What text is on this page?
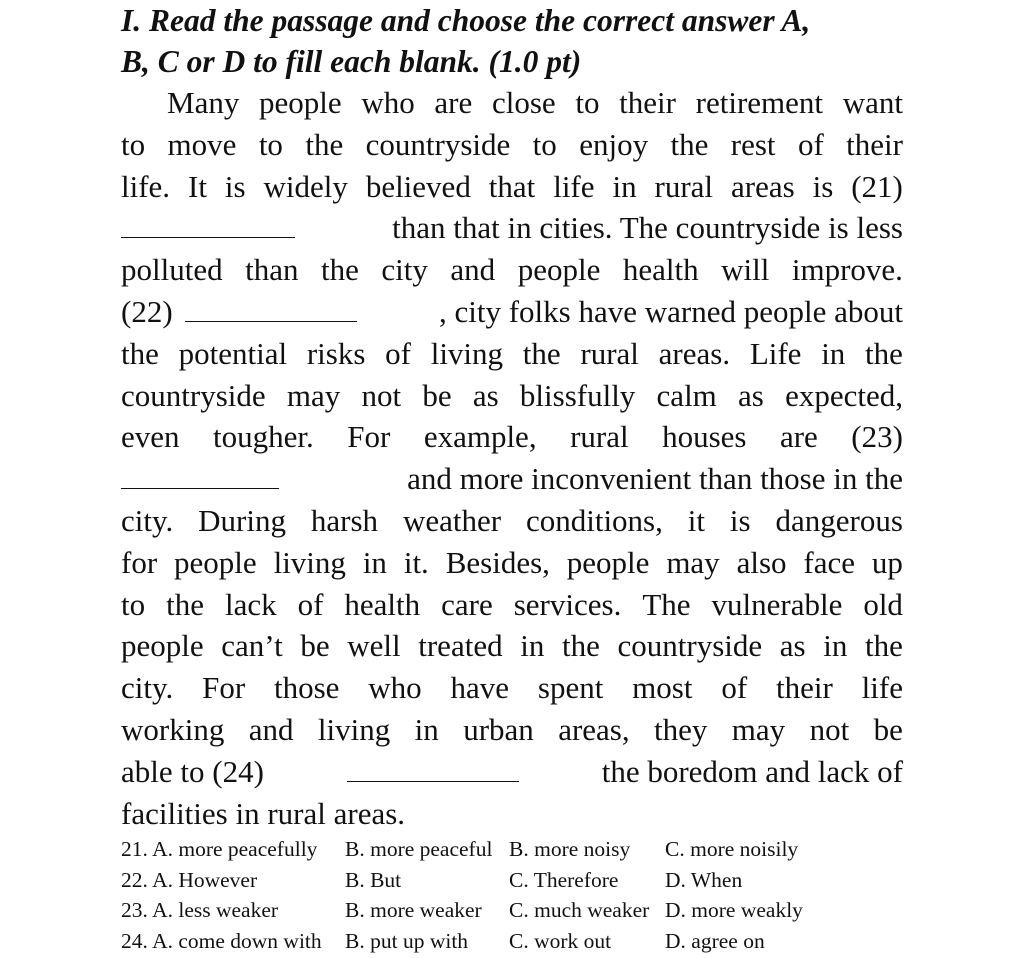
I. Read the passage and choose the correct answer A,
B, C or D to fill each blank. (1.0 pt)
Many people who are close to their retirement want
to move to the countryside to enjoy the rest of their
life. It is widely believed that life in rural areas is (21)
than that in cities. The countryside is less
polluted than the city and people health will improve.
(22)	, city folks have warned people about
the potential risks of living the rural areas. Life in the
countryside may not be as blissfully calm as expected,
even tougher. For example, rural houses are (23)
and more inconvenient than those in the
city. During harsh weather conditions, it is dangerous
for people living in it. Besides, people may also face up
to the lack of health care services. The vulnerable old
people can’t be well treated in the countryside as in the
city. For those who have spent most of their life
working and living in urban areas, they may not be
able to (24)	the boredom and lack of
facilities in rural areas.
21. A. more peacefully B. more peaceful B. more noisy C. more noisily
22. A. However	B. But	C. Therefore D. When
23. A. less weaker	B. more weaker C. much weaker D. more weakly
24. A. come down with B. put up with C. work out	D. agree on
